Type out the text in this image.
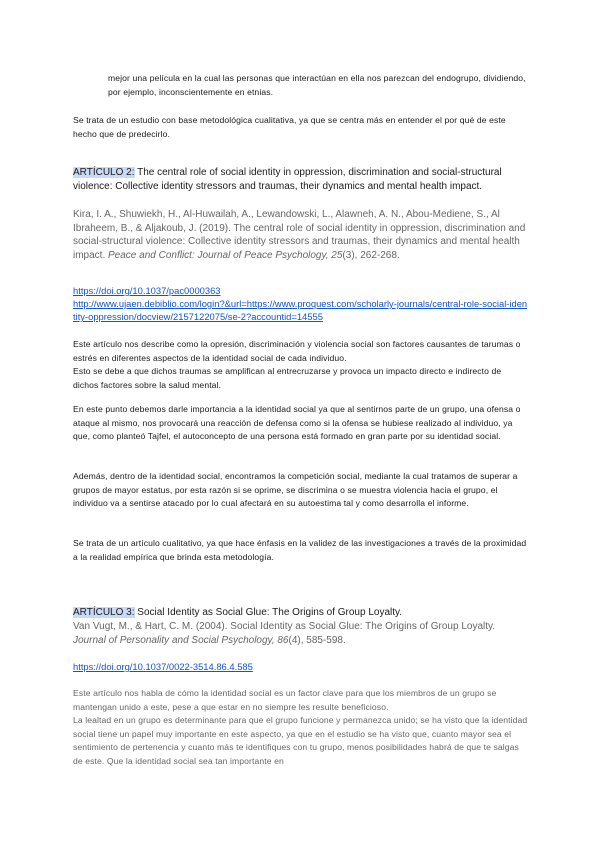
mejor una película en la cual las personas que interactúan en ella nos parezcan del endogrupo, dividiendo, por ejemplo, inconscientemente en etnias.

Se trata de un estudio con base metodológica cualitativa, ya que se centra más en entender el por qué de este hecho que de predecirlo.

ARTÍCULO 2: The central role of social identity in oppression, discrimination and social-structural violence: Collective identity stressors and traumas, their dynamics and mental health impact.

Kira, I. A., Shuwiekh, H., Al-Huwailah, A., Lewandowski, L., Alawneh, A. N., Abou-Mediene, S., Al Ibraheem, B., & Aljakoub, J. (2019). The central role of social identity in oppression, discrimination and social-structural violence: Collective identity stressors and traumas, their dynamics and mental health impact. Peace and Conflict: Journal of Peace Psychology, 25(3), 262-268.

https://doi.org/10.1037/pac0000363
http://www.ujaen.debiblio.com/login?&url=https://www.proquest.com/scholarly-journals/central-role-social-identity-oppression/docview/2157122075/se-2?accountid=14555

Este artículo nos describe como la opresión, discriminación y violencia social son factores causantes de tarumas o estrés en diferentes aspectos de la identidad social de cada individuo.

Esto se debe a que dichos traumas se amplifican al entrecruzarse y provoca un impacto directo e indirecto de dichos factores sobre la salud mental.

En este punto debemos darle importancia a la identidad social ya que al sentirnos parte de un grupo, una ofensa o ataque al mismo, nos provocará una reacción de defensa como si la ofensa se hubiese realizado al individuo, ya que, como planteó Tajfel, el autoconcepto de una persona está formado en gran parte por su identidad social.

Además, dentro de la identidad social, encontramos la competición social, mediante la cual tratamos de superar a grupos de mayor estatus, por esta razón si se oprime, se discrimina o se muestra violencia hacia el grupo, el individuo va a sentirse atacado por lo cual afectará en su autoestima tal y como desarrolla el informe.

Se trata de un artículo cualitativo, ya que hace énfasis en la validez de las investigaciones a través de la proximidad a la realidad empírica que brinda esta metodología.

ARTÍCULO 3: Social Identity as Social Glue: The Origins of Group Loyalty.

Van Vugt, M., & Hart, C. M. (2004). Social Identity as Social Glue: The Origins of Group Loyalty. Journal of Personality and Social Psychology, 86(4), 585-598.

https://doi.org/10.1037/0022-3514.86.4.585

Este artículo nos habla de cómo la identidad social es un factor clave para que los miembros de un grupo se mantengan unido a este, pese a que estar en no siempre les resulte beneficioso.

La lealtad en un grupo es determinante para que el grupo funcione y permanezca unido; se ha visto que la identidad social tiene un papel muy importante en este aspecto, ya que en el estudio se ha visto que, cuanto mayor sea el sentimiento de pertenencia y cuanto más te identifiques con tu grupo, menos posibilidades habrá de que te salgas de este. Que la identidad social sea tan importante en
